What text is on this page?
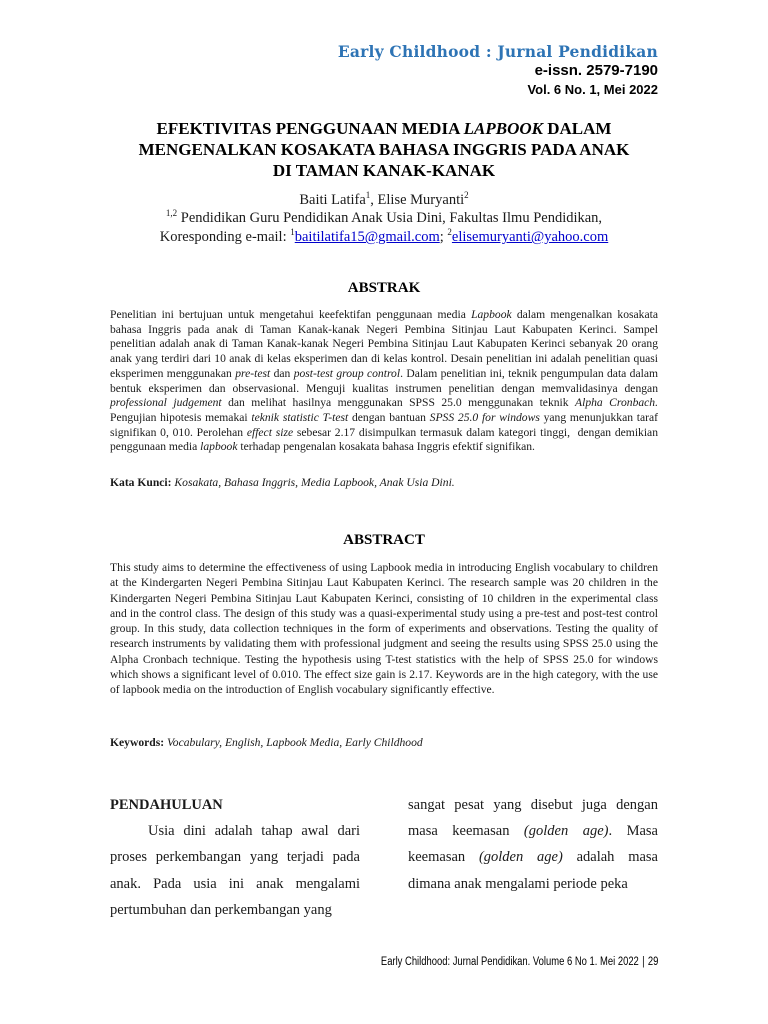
Early Childhood : Jurnal Pendidikan
e-issn. 2579-7190
Vol. 6 No. 1, Mei 2022
EFEKTIVITAS PENGGUNAAN MEDIA LAPBOOK DALAM
MENGENALKAN KOSAKATA BAHASA INGGRIS PADA ANAK
DI TAMAN KANAK-KANAK
Baiti Latifa$^1$, Elise Muryanti$^2$
$^{1,2}$ Pendidikan Guru Pendidikan Anak Usia Dini, Fakultas Ilmu Pendidikan,
Koresponding e-mail: $^1$baitilatifa15@gmail.com; $^2$elisemuryanti@yahoo.com
ABSTRAK
Penelitian ini bertujuan untuk mengetahui keefektifan penggunaan media Lapbook dalam mengenalkan kosakata bahasa Inggris pada anak di Taman Kanak-kanak Negeri Pembina Sitinjau Laut Kabupaten Kerinci. Sampel penelitian adalah anak di Taman Kanak-kanak Negeri Pembina Sitinjau Laut Kabupaten Kerinci sebanyak 20 orang anak yang terdiri dari 10 anak di kelas eksperimen dan di kelas kontrol. Desain penelitian ini adalah penelitian quasi eksperimen menggunakan pre-test dan post-test group control. Dalam penelitian ini, teknik pengumpulan data dalam bentuk eksperimen dan observasional. Menguji kualitas instrumen penelitian dengan memvalidasinya dengan professional judgement dan melihat hasilnya menggunakan SPSS 25.0 menggunakan teknik Alpha Cronbach. Pengujian hipotesis memakai teknik statistic T-test dengan bantuan SPSS 25.0 for windows yang menunjukkan taraf signifikan 0, 010. Perolehan effect size sebesar 2.17 disimpulkan termasuk dalam kategori tinggi,  dengan demikian penggunaan media lapbook terhadap pengenalan kosakata bahasa Inggris efektif signifikan.
Kata Kunci: Kosakata, Bahasa Inggris, Media Lapbook, Anak Usia Dini.
ABSTRACT
This study aims to determine the effectiveness of using Lapbook media in introducing English vocabulary to children at the Kindergarten Negeri Pembina Sitinjau Laut Kabupaten Kerinci. The research sample was 20 children in the Kindergarten Negeri Pembina Sitinjau Laut Kabupaten Kerinci, consisting of 10 children in the experimental class and in the control class. The design of this study was a quasi-experimental study using a pre-test and post-test control group. In this study, data collection techniques in the form of experiments and observations. Testing the quality of research instruments by validating them with professional judgment and seeing the results using SPSS 25.0 using the Alpha Cronbach technique. Testing the hypothesis using T-test statistics with the help of SPSS 25.0 for windows which shows a significant level of 0.010. The effect size gain is 2.17. Keywords are in the high category, with the use of lapbook media on the introduction of English vocabulary significantly effective.
Keywords: Vocabulary, English, Lapbook Media, Early Childhood
PENDAHULUAN
Usia dini adalah tahap awal dari proses perkembangan yang terjadi pada anak. Pada usia ini anak mengalami pertumbuhan dan perkembangan yang
sangat pesat yang disebut juga dengan masa keemasan (golden age). Masa keemasan (golden age) adalah masa dimana anak mengalami periode peka
Early Childhood: Jurnal Pendidikan. Volume 6 No 1. Mei 2022 | 29
